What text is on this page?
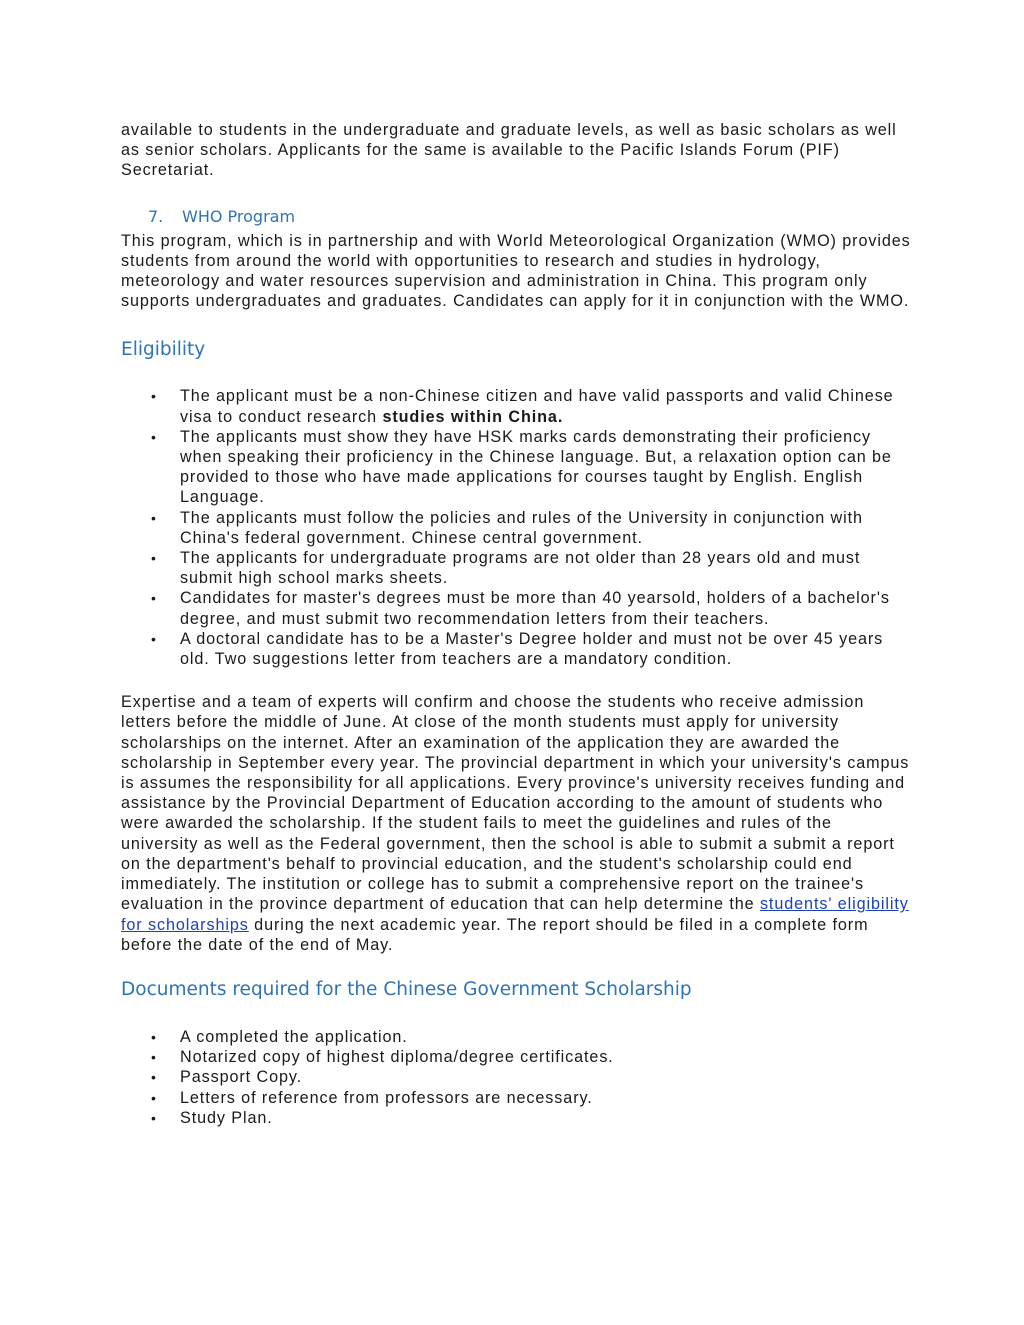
available to students in the undergraduate and graduate levels, as well as basic scholars as well as senior scholars. Applicants for the same is available to the Pacific Islands Forum (PIF) Secretariat.

7. WHO Program

This program, which is in partnership and with World Meteorological Organization (WMO) provides students from around the world with opportunities to research and studies in hydrology, meteorology and water resources supervision and administration in China. This program only supports undergraduates and graduates. Candidates can apply for it in conjunction with the WMO.

Eligibility
• The applicant must be a non-Chinese citizen and have valid passports and valid Chinese visa to conduct research studies within China.
• The applicants must show they have HSK marks cards demonstrating their proficiency when speaking their proficiency in the Chinese language. But, a relaxation option can be provided to those who have made applications for courses taught by English. English Language.
• The applicants must follow the policies and rules of the University in conjunction with China's federal government. Chinese central government.
• The applicants for undergraduate programs are not older than 28 years old and must submit high school marks sheets.
• Candidates for master's degrees must be more than 40 yearsold, holders of a bachelor's degree, and must submit two recommendation letters from their teachers.
• A doctoral candidate has to be a Master's Degree holder and must not be over 45 years old. Two suggestions letter from teachers are a mandatory condition.

Expertise and a team of experts will confirm and choose the students who receive admission letters before the middle of June. At close of the month students must apply for university scholarships on the internet. After an examination of the application they are awarded the scholarship in September every year. The provincial department in which your university's campus is assumes the responsibility for all applications. Every province's university receives funding and assistance by the Provincial Department of Education according to the amount of students who were awarded the scholarship. If the student fails to meet the guidelines and rules of the university as well as the Federal government, then the school is able to submit a submit a report on the department's behalf to provincial education, and the student's scholarship could end immediately. The institution or college has to submit a comprehensive report on the trainee's evaluation in the province department of education that can help determine the students' eligibility for scholarships during the next academic year. The report should be filed in a complete form before the date of the end of May.

Documents required for the Chinese Government Scholarship
• A completed the application.
• Notarized copy of highest diploma/degree certificates.
• Passport Copy.
• Letters of reference from professors are necessary.
• Study Plan.
